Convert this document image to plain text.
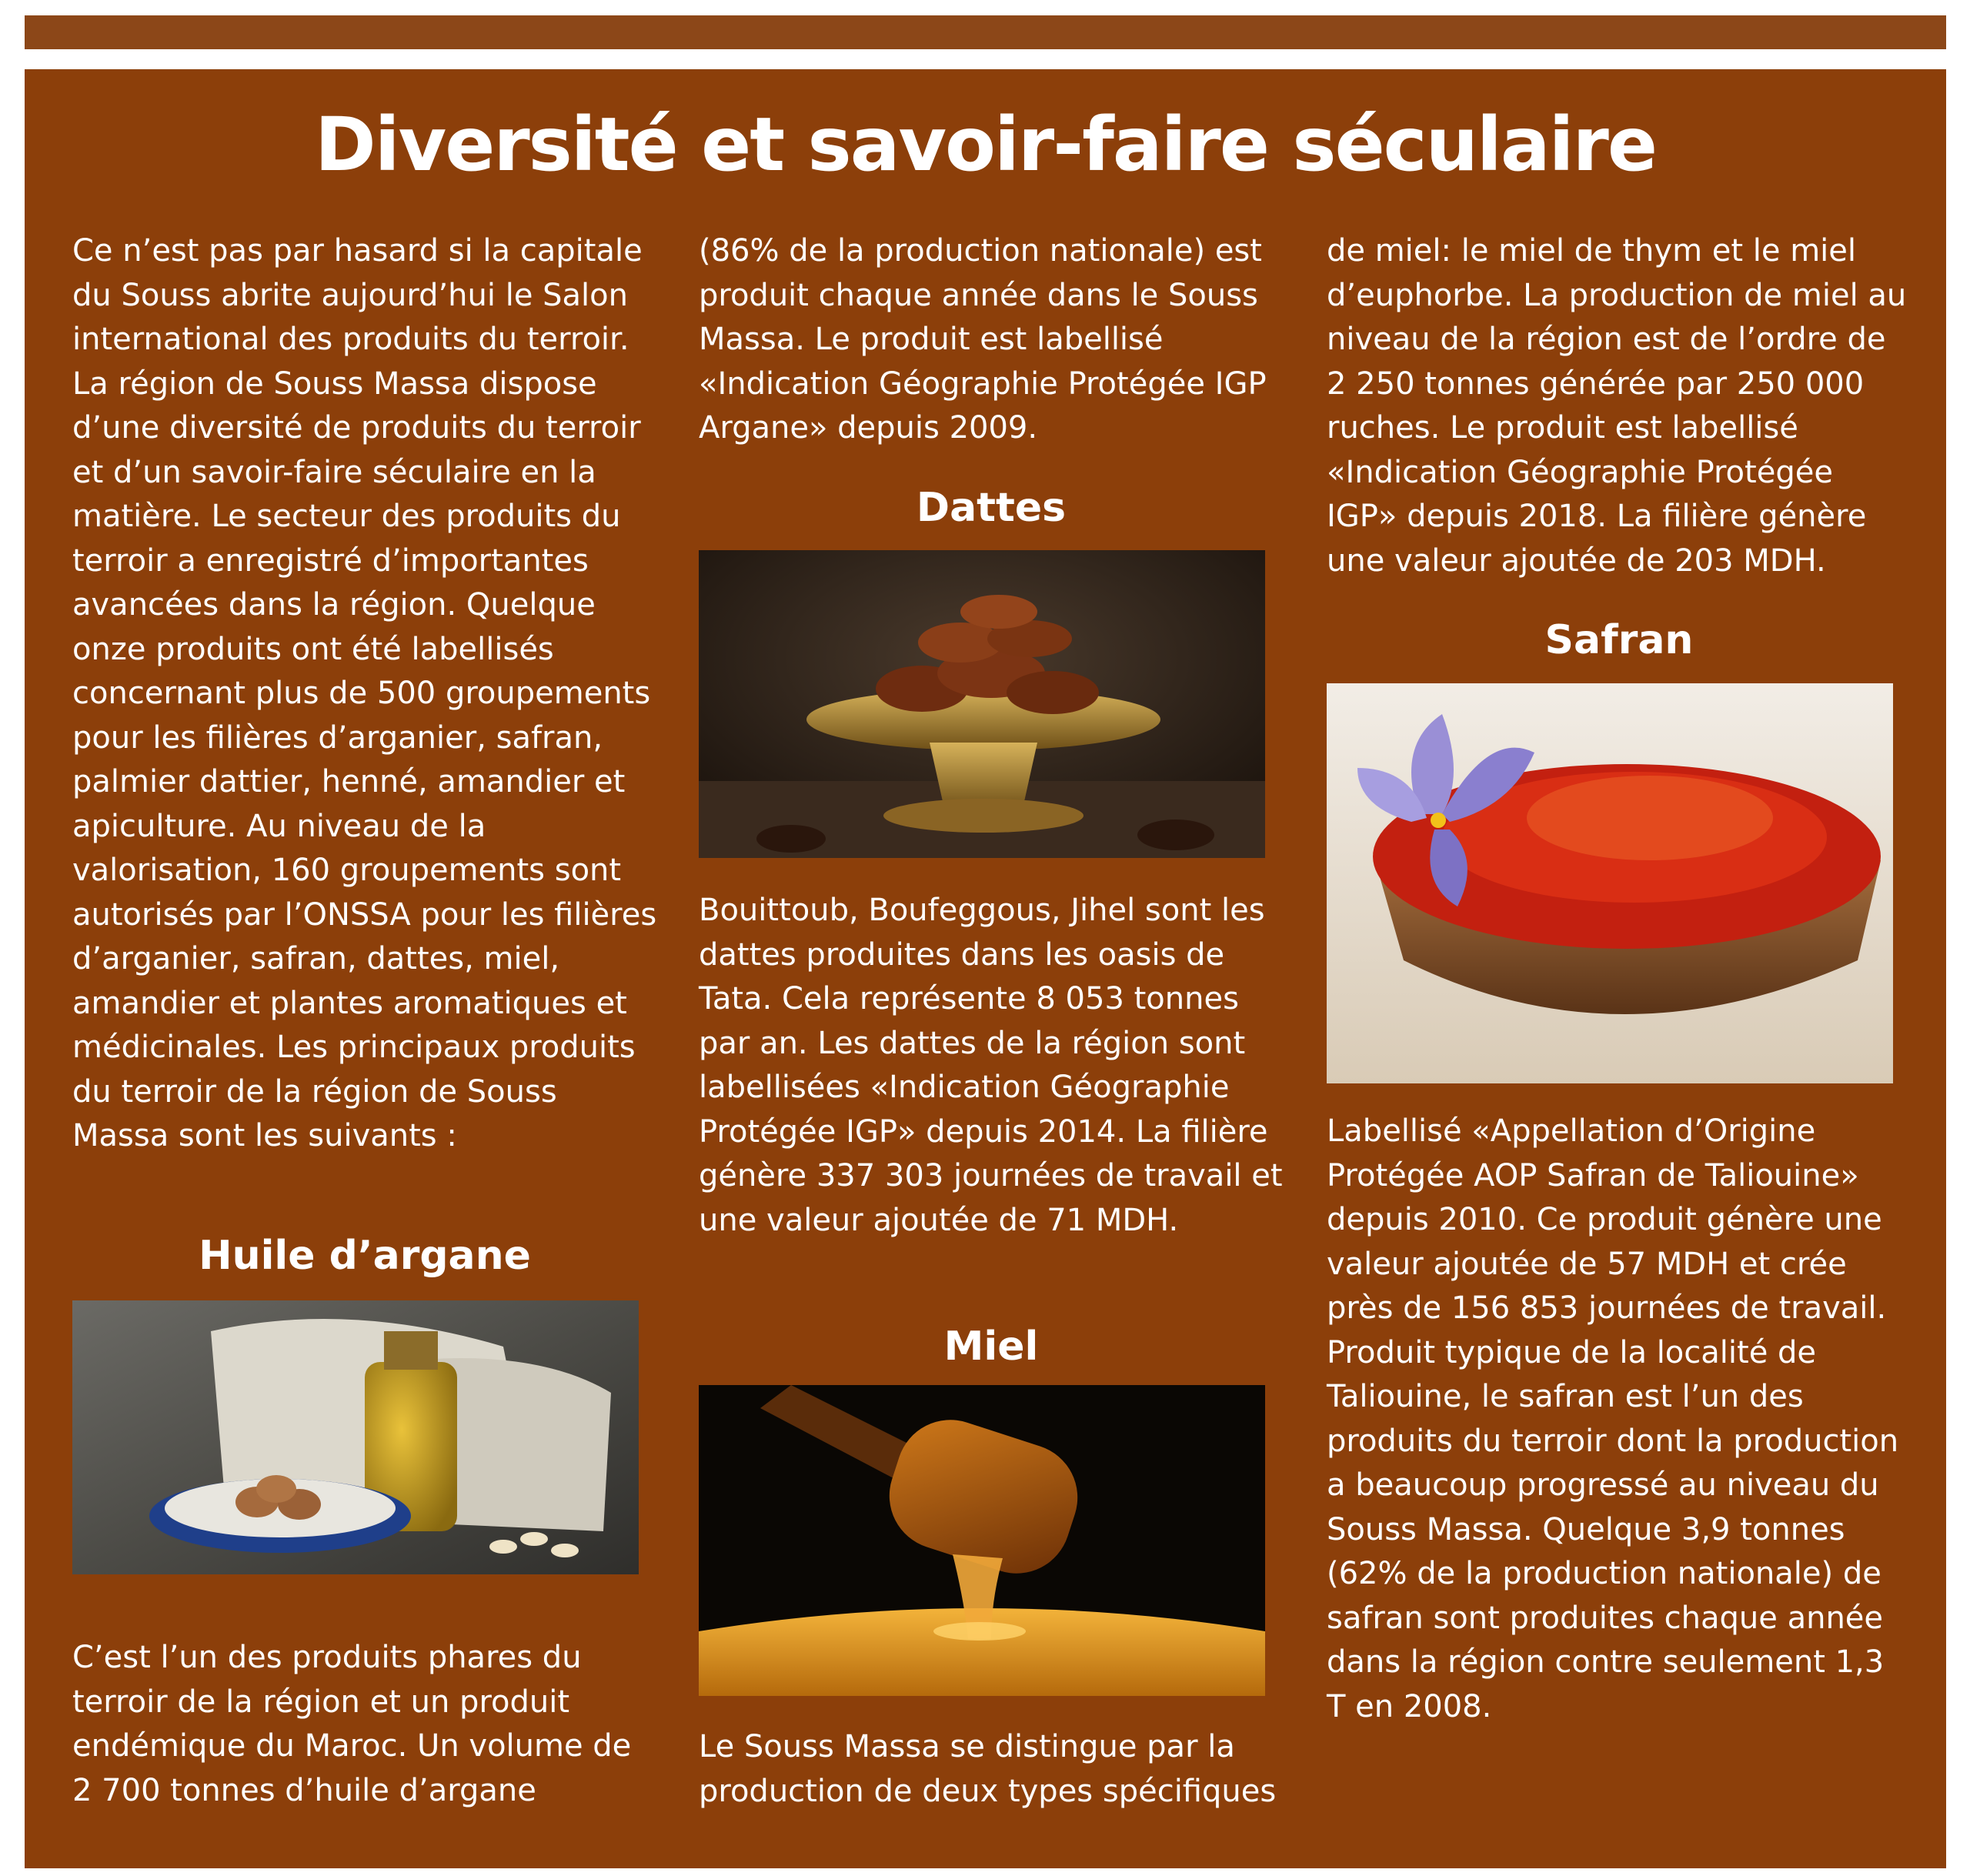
Diversité et savoir-faire séculaire

Ce n’est pas par hasard si la capitale du Souss abrite aujourd’hui le Salon international des produits du terroir. La région de Souss Massa dispose d’une diversité de produits du terroir et d’un savoir-faire séculaire en la matière. Le secteur des produits du terroir a enregistré d’importantes avancées dans la région. Quelque onze produits ont été labellisés concernant plus de 500 groupements pour les filières d’arganier, safran, palmier dattier, henné, amandier et apiculture. Au niveau de la valorisation, 160 groupements sont autorisés par l’ONSSA pour les filières d’arganier, safran, dattes, miel, amandier et plantes aromatiques et médicinales. Les principaux produits du terroir de la région de Souss Massa sont les suivants :

Huile d’argane

C’est l’un des produits phares du terroir de la région et un produit endémique du Maroc. Un volume de 2 700 tonnes d’huile d’argane

(86% de la production nationale) est produit chaque année dans le Souss Massa. Le produit est labellisé «Indication Géographie Protégée IGP Argane» depuis 2009.

Dattes

Bouittoub, Boufeggous, Jihel sont les dattes produites dans les oasis de Tata. Cela représente 8 053 tonnes par an. Les dattes de la région sont labellisées «Indication Géographie Protégée IGP» depuis 2014. La filière génère 337 303 journées de travail et une valeur ajoutée de 71 MDH.

Miel

Le Souss Massa se distingue par la production de deux types spécifiques

de miel: le miel de thym et le miel d’euphorbe. La production de miel au niveau de la région est de l’ordre de 2 250 tonnes générée par 250 000 ruches. Le produit est labellisé «Indication Géographie Protégée IGP» depuis 2018. La filière génère une valeur ajoutée de 203 MDH.

Safran

Labellisé «Appellation d’Origine Protégée AOP Safran de Taliouine» depuis 2010. Ce produit génère une valeur ajoutée de 57 MDH et crée près de 156 853 journées de travail. Produit typique de la localité de Taliouine, le safran est l’un des produits du terroir dont la production a beaucoup progressé au niveau du Souss Massa. Quelque 3,9 tonnes (62% de la production nationale) de safran sont produites chaque année dans la région contre seulement 1,3 T en 2008.
